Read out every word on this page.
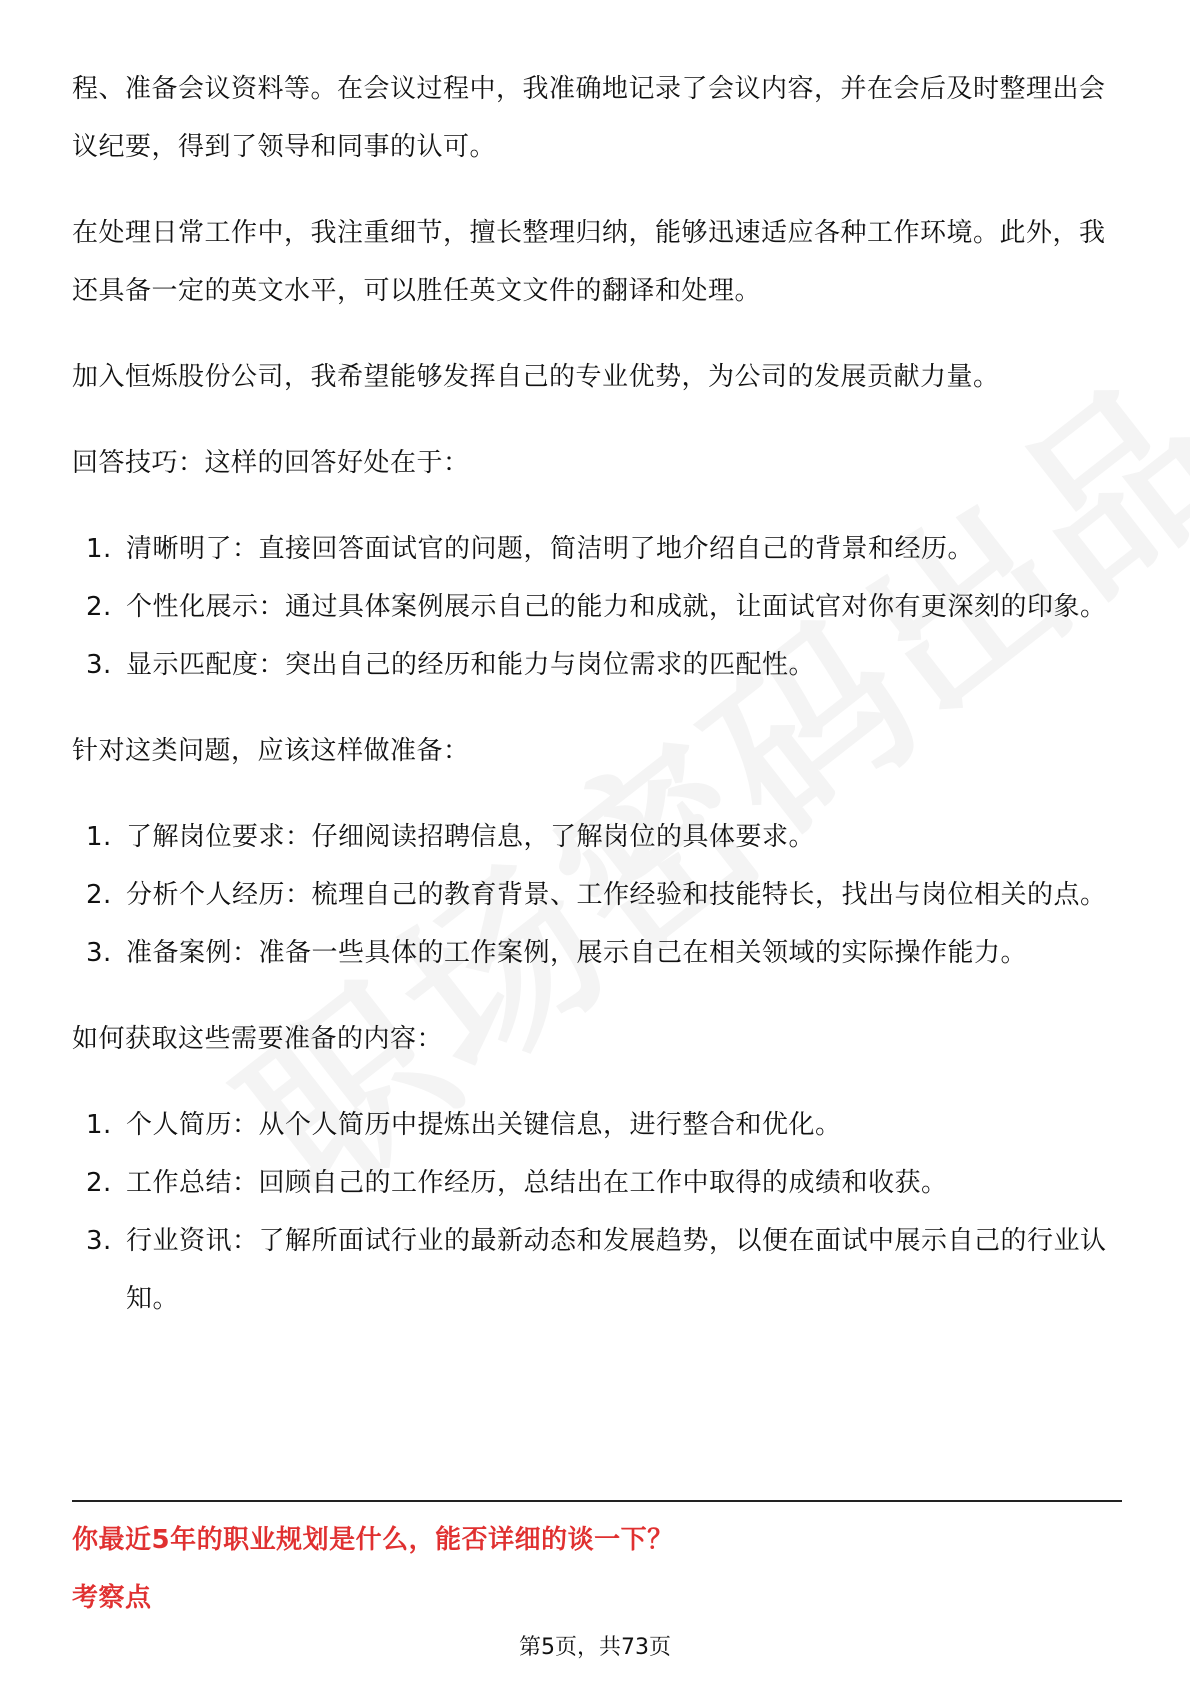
程、准备会议资料等。在会议过程中，我准确地记录了会议内容，并在会后及时整理出会议纪要，得到了领导和同事的认可。

在处理日常工作中，我注重细节，擅长整理归纳，能够迅速适应各种工作环境。此外，我还具备一定的英文水平，可以胜任英文文件的翻译和处理。

加入恒烁股份公司，我希望能够发挥自己的专业优势，为公司的发展贡献力量。

回答技巧：这样的回答好处在于：

1. 清晰明了：直接回答面试官的问题，简洁明了地介绍自己的背景和经历。
2. 个性化展示：通过具体案例展示自己的能力和成就，让面试官对你有更深刻的印象。
3. 显示匹配度：突出自己的经历和能力与岗位需求的匹配性。

针对这类问题，应该这样做准备：

1. 了解岗位要求：仔细阅读招聘信息，了解岗位的具体要求。
2. 分析个人经历：梳理自己的教育背景、工作经验和技能特长，找出与岗位相关的点。
3. 准备案例：准备一些具体的工作案例，展示自己在相关领域的实际操作能力。

如何获取这些需要准备的内容：

1. 个人简历：从个人简历中提炼出关键信息，进行整合和优化。
2. 工作总结：回顾自己的工作经历，总结出在工作中取得的成绩和收获。
3. 行业资讯：了解所面试行业的最新动态和发展趋势，以便在面试中展示自己的行业认知。
你最近5年的职业规划是什么，能否详细的谈一下？
考察点
第5页，共73页
